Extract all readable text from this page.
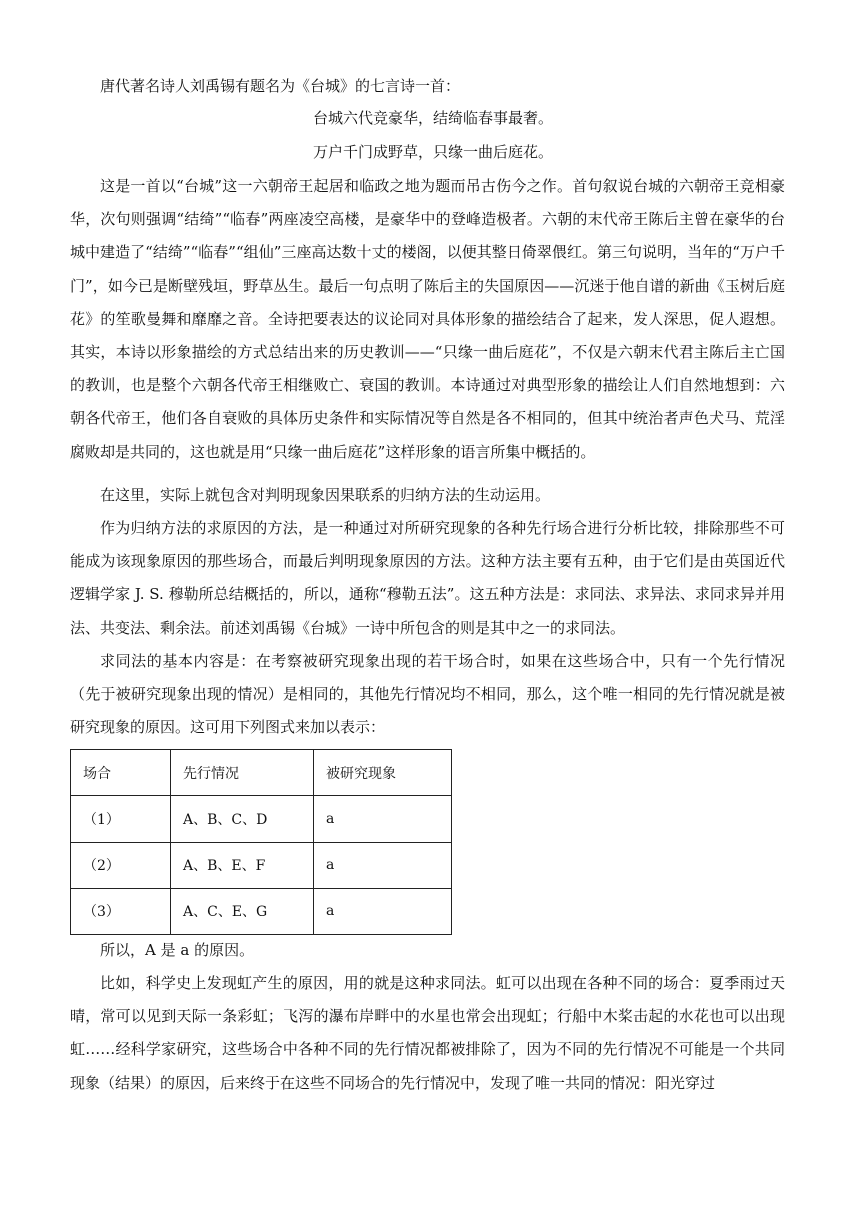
唐代著名诗人刘禹锡有题名为《台城》的七言诗一首：

台城六代竞豪华，结绮临春事最奢。

万户千门成野草，只缘一曲后庭花。

这是一首以“台城”这一六朝帝王起居和临政之地为题而吊古伤今之作。首句叙说台城的六朝帝王竞相豪华，次句则强调“结绮”“临春”两座凌空高楼，是豪华中的登峰造极者。六朝的末代帝王陈后主曾在豪华的台城中建造了“结绮”“临春”“组仙”三座高达数十丈的楼阁，以便其整日倚翠偎红。第三句说明，当年的“万户千门”，如今已是断壁残垣，野草丛生。最后一句点明了陈后主的失国原因——沉迷于他自谱的新曲《玉树后庭花》的笙歌曼舞和靡靡之音。全诗把要表达的议论同对具体形象的描绘结合了起来，发人深思，促人遐想。其实，本诗以形象描绘的方式总结出来的历史教训——“只缘一曲后庭花”，不仅是六朝末代君主陈后主亡国的教训，也是整个六朝各代帝王相继败亡、衰国的教训。本诗通过对典型形象的描绘让人们自然地想到：六朝各代帝王，他们各自衰败的具体历史条件和实际情况等自然是各不相同的，但其中统治者声色犬马、荒淫腐败却是共同的，这也就是用“只缘一曲后庭花”这样形象的语言所集中概括的。

在这里，实际上就包含对判明现象因果联系的归纳方法的生动运用。

作为归纳方法的求原因的方法，是一种通过对所研究现象的各种先行场合进行分析比较，排除那些不可能成为该现象原因的那些场合，而最后判明现象原因的方法。这种方法主要有五种，由于它们是由英国近代逻辑学家 J. S. 穆勒所总结概括的，所以，通称“穆勒五法”。这五种方法是：求同法、求异法、求同求异并用法、共变法、剩余法。前述刘禹锡《台城》一诗中所包含的则是其中之一的求同法。

求同法的基本内容是：在考察被研究现象出现的若干场合时，如果在这些场合中，只有一个先行情况（先于被研究现象出现的情况）是相同的，其他先行情况均不相同，那么，这个唯一相同的先行情况就是被研究现象的原因。这可用下列图式来加以表示：

场合	先行情况	被研究现象
（1）	A、B、C、D	a
（2）	A、B、E、F	a
（3）	A、C、E、G	a

所以，A 是 a 的原因。

比如，科学史上发现虹产生的原因，用的就是这种求同法。虹可以出现在各种不同的场合：夏季雨过天晴，常可以见到天际一条彩虹；飞泻的瀑布岸畔中的水星也常会出现虹；行船中木桨击起的水花也可以出现虹……经科学家研究，这些场合中各种不同的先行情况都被排除了，因为不同的先行情况不可能是一个共同现象（结果）的原因，后来终于在这些不同场合的先行情况中，发现了唯一共同的情况：阳光穿过
